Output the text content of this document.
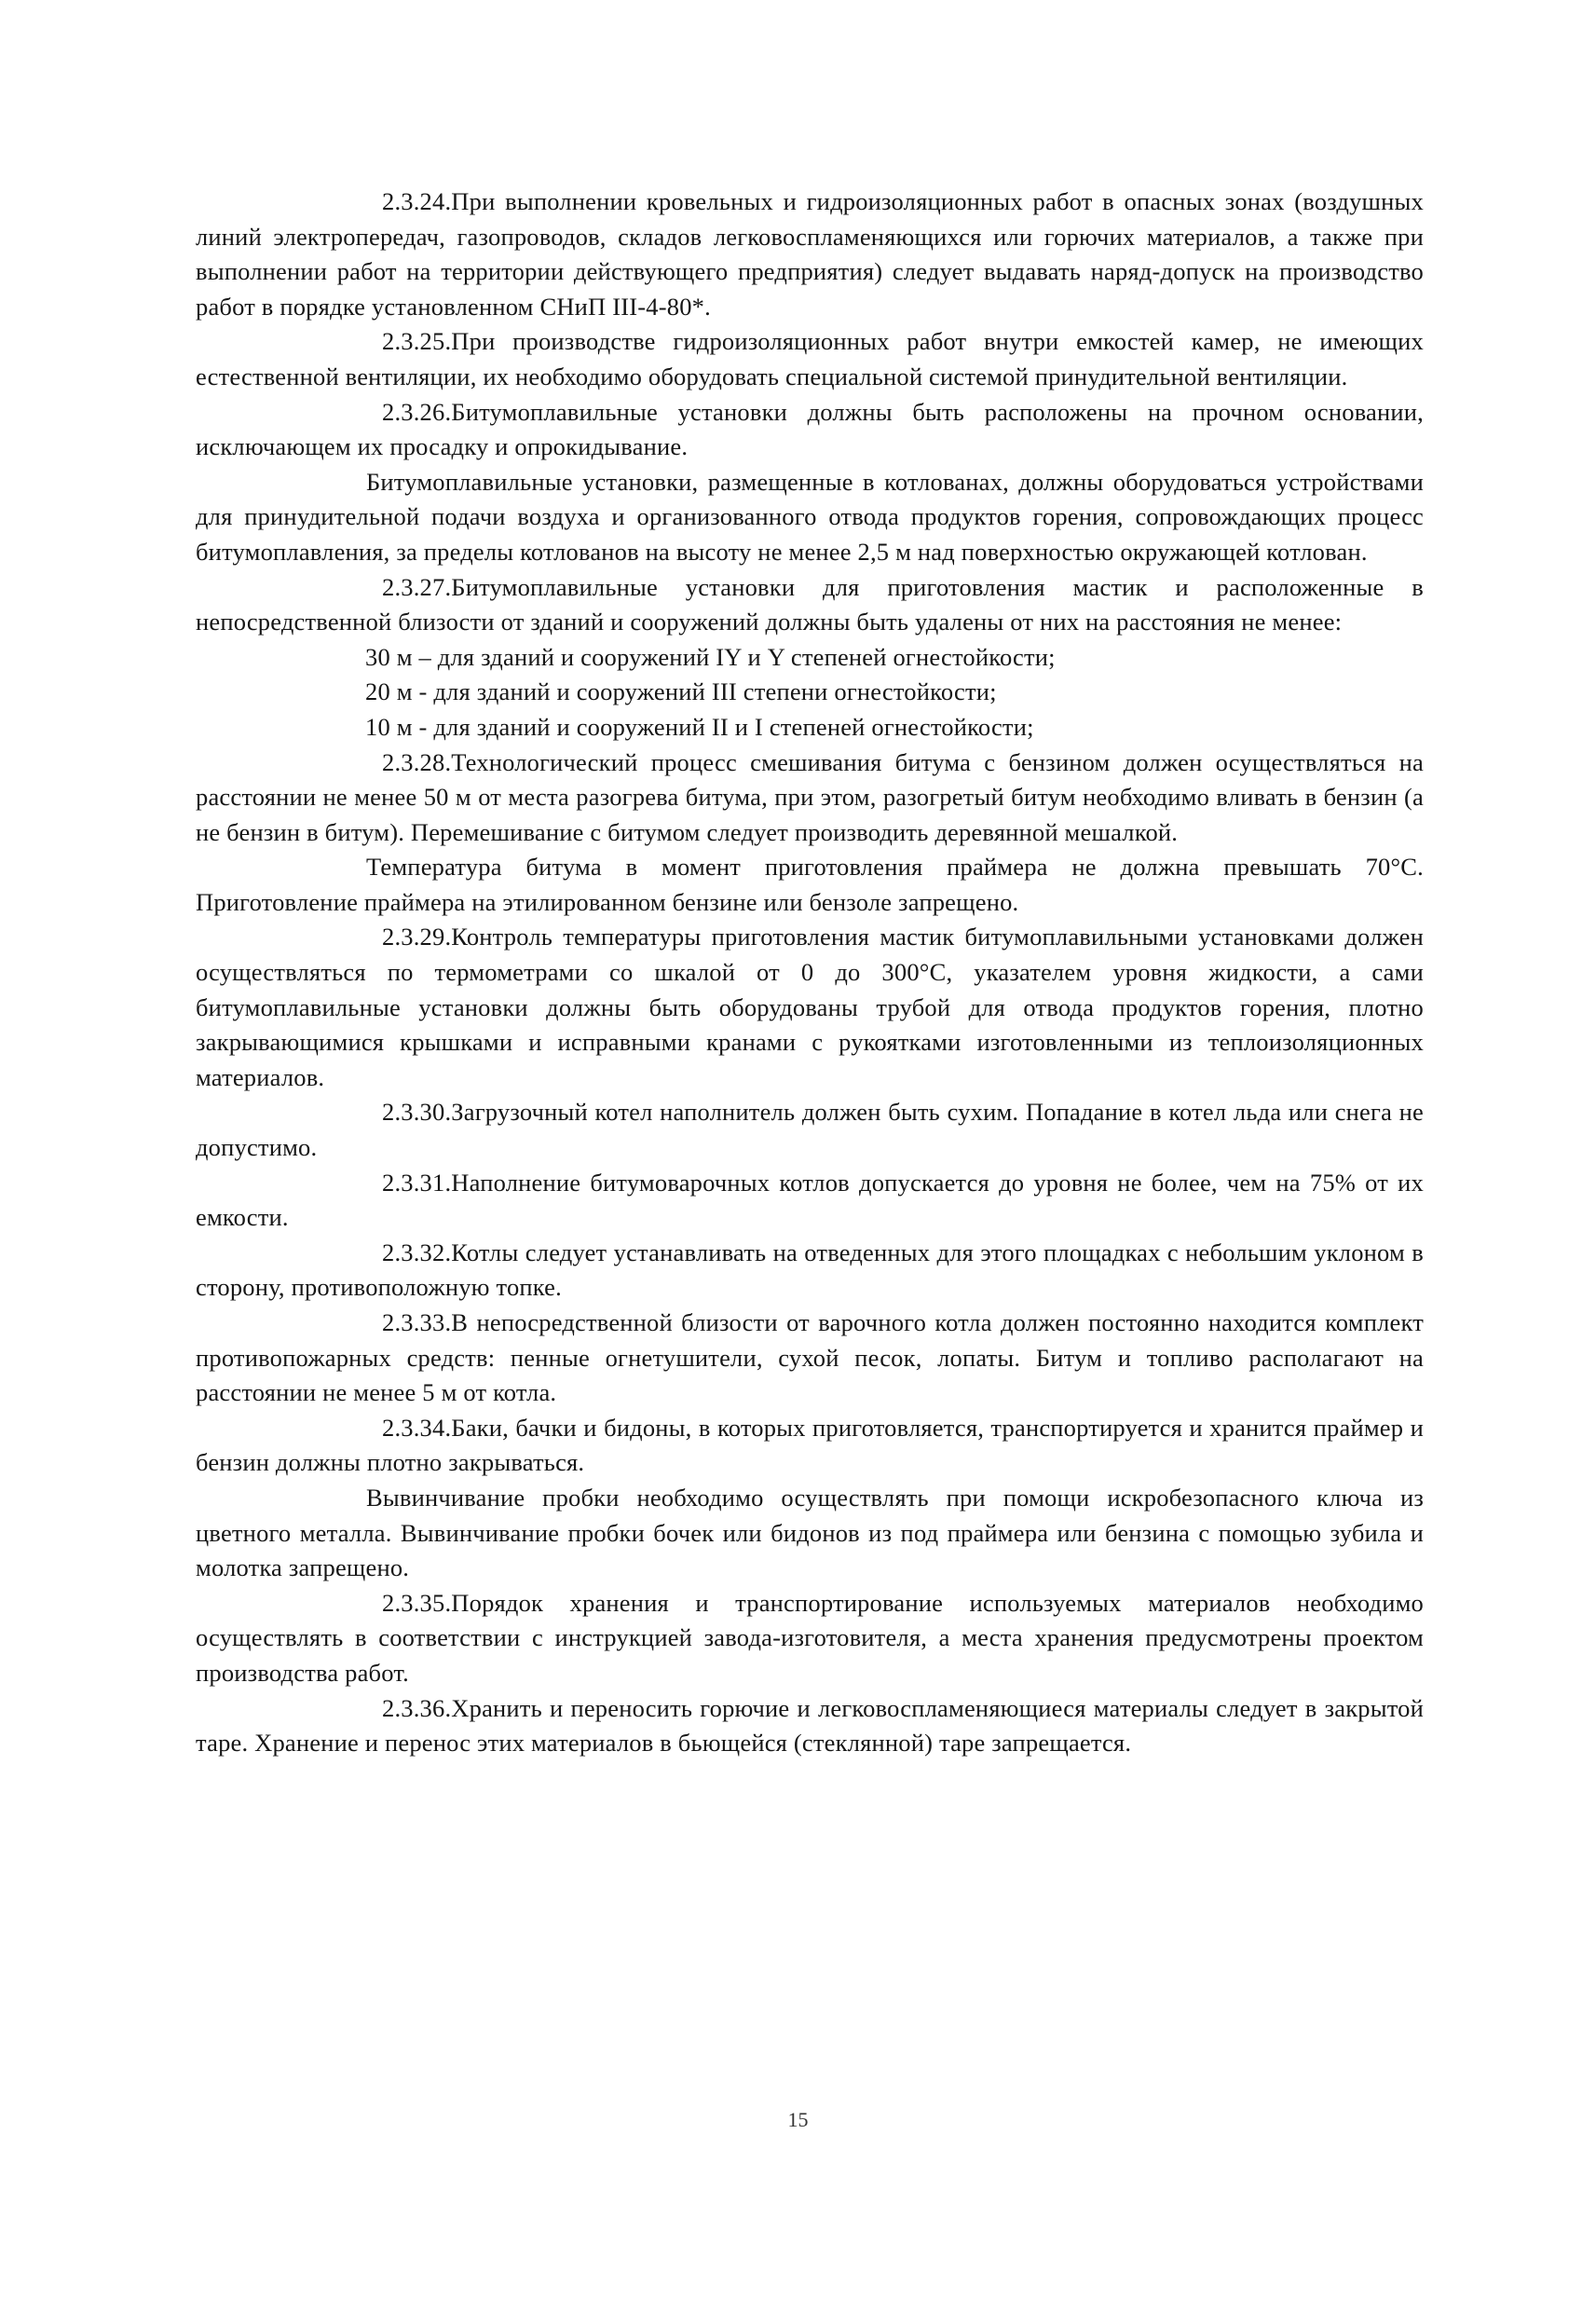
2.3.24.При выполнении кровельных и гидроизоляционных работ в опасных зонах (воздушных линий электропередач, газопроводов, складов легковоспламеняющихся или горючих материалов, а также при выполнении работ на территории действующего предприятия) следует выдавать наряд-допуск на производство работ в порядке установленном СНиП III-4-80*.

2.3.25.При производстве гидроизоляционных работ внутри емкостей камер, не имеющих естественной вентиляции, их необходимо оборудовать специальной системой принудительной вентиляции.

2.3.26.Битумоплавильные установки должны быть расположены на прочном основании, исключающем их просадку и опрокидывание.

Битумоплавильные установки, размещенные в котлованах, должны оборудоваться устройствами для принудительной подачи воздуха и организованного отвода продуктов горения, сопровождающих процесс битумоплавления, за пределы котлованов на высоту не менее 2,5 м над поверхностью окружающей котлован.

2.3.27.Битумоплавильные установки для приготовления мастик и расположенные в непосредственной близости от зданий и сооружений должны быть удалены от них на расстояния не менее:

30 м – для зданий и сооружений IY и Y степеней огнестойкости;

20 м - для зданий и сооружений III степени огнестойкости;

10 м - для зданий и сооружений II и I степеней огнестойкости;

2.3.28.Технологический процесс смешивания битума с бензином должен осуществляться на расстоянии не менее 50 м от места разогрева битума, при этом, разогретый битум необходимо вливать в бензин (а не бензин в битум). Перемешивание с битумом следует производить деревянной мешалкой.

Температура битума в момент приготовления праймера не должна превышать 70°С. Приготовление праймера на этилированном бензине или бензоле запрещено.

2.3.29.Контроль температуры приготовления мастик битумоплавильными установками должен осуществляться по термометрами со шкалой от 0 до 300°С, указателем уровня жидкости, а сами битумоплавильные установки должны быть оборудованы трубой для отвода продуктов горения, плотно закрывающимися крышками и исправными кранами с рукоятками изготовленными из теплоизоляционных материалов.

2.3.30.Загрузочный котел наполнитель должен быть сухим. Попадание в котел льда или снега не допустимо.

2.3.31.Наполнение битумоварочных котлов допускается до уровня не более, чем на 75% от их емкости.

2.3.32.Котлы следует устанавливать на отведенных для этого площадках с небольшим уклоном в сторону, противоположную топке.

2.3.33.В непосредственной близости от варочного котла должен постоянно находится комплект противопожарных средств: пенные огнетушители, сухой песок, лопаты. Битум и топливо располагают на расстоянии не менее 5 м от котла.

2.3.34.Баки, бачки и бидоны, в которых приготовляется, транспортируется и хранится праймер и бензин должны плотно закрываться.

Вывинчивание пробки необходимо осуществлять при помощи искробезопасного ключа из цветного металла. Вывинчивание пробки бочек или бидонов из под праймера или бензина с помощью зубила и молотка запрещено.

2.3.35.Порядок хранения и транспортирование используемых материалов необходимо осуществлять в соответствии с инструкцией завода-изготовителя, а места хранения предусмотрены проектом производства работ.

2.3.36.Хранить и переносить горючие и легковоспламеняющиеся материалы следует в закрытой таре. Хранение и перенос этих материалов в бьющейся (стеклянной) таре запрещается.

15
